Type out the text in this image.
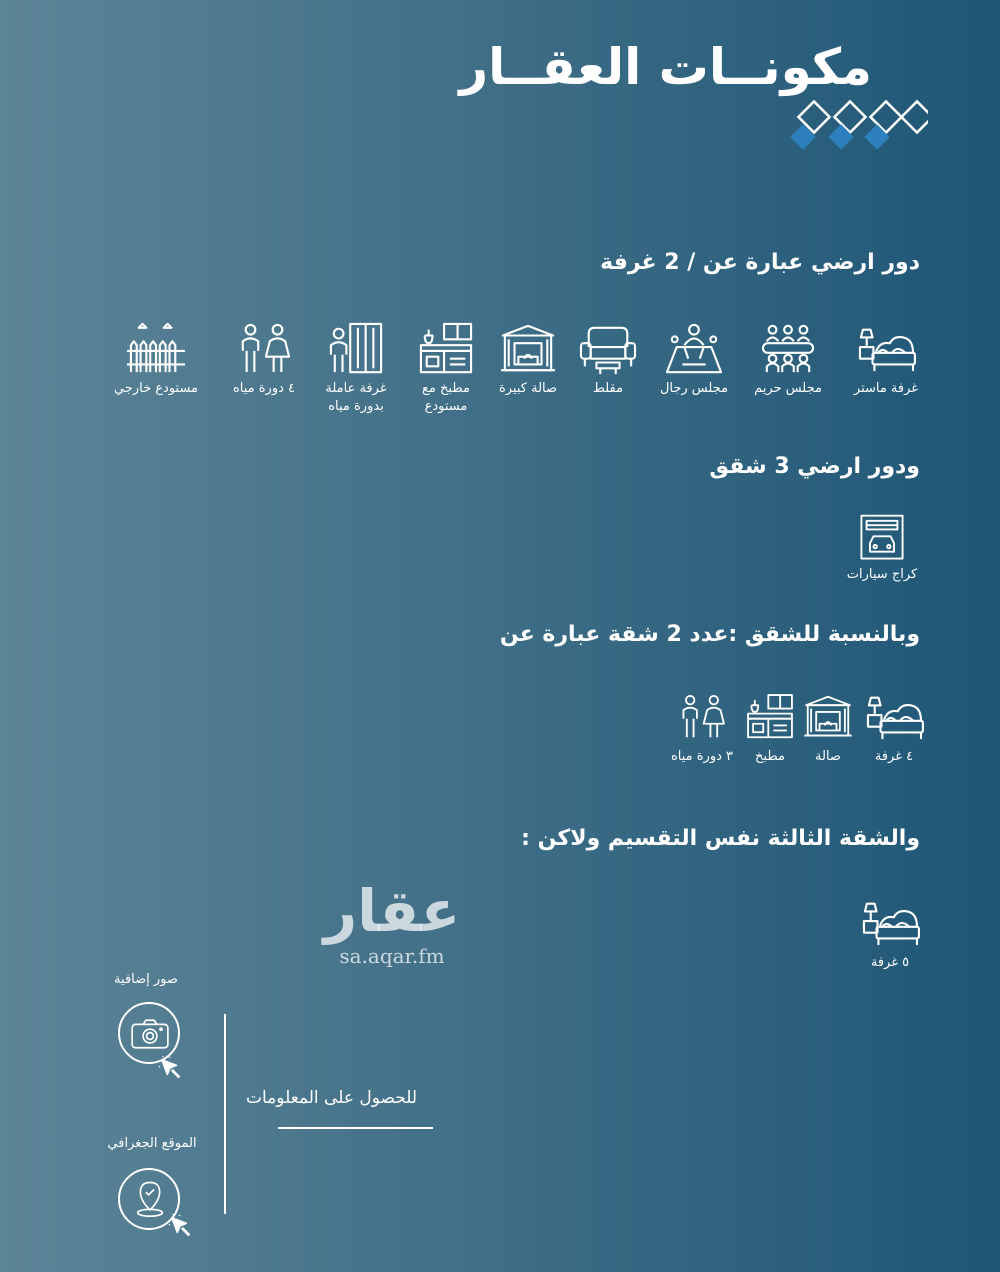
مكونــات العقــار
دور ارضي عبارة عن / 2 غرفة
غرفة ماستر
مجلس حريم
مجلس رجال
مقلط
صالة كبيرة
مطبخ مع
مستودع
غرفة عاملة
بدورة مياه
٤ دورة مياه
مستودع خارجي
ودور ارضي 3 شقق
كراج سيارات
وبالنسبة للشقق :عدد 2 شقة عبارة عن
٤ غرفة
صالة
مطبخ
٣ دورة مياه
والشقة الثالثة نفس التقسيم ولاكن :
٥ غرفة
عقار
sa.aqar.fm
صور إضافية
الموقع الجغرافي
للحصول على المعلومات
